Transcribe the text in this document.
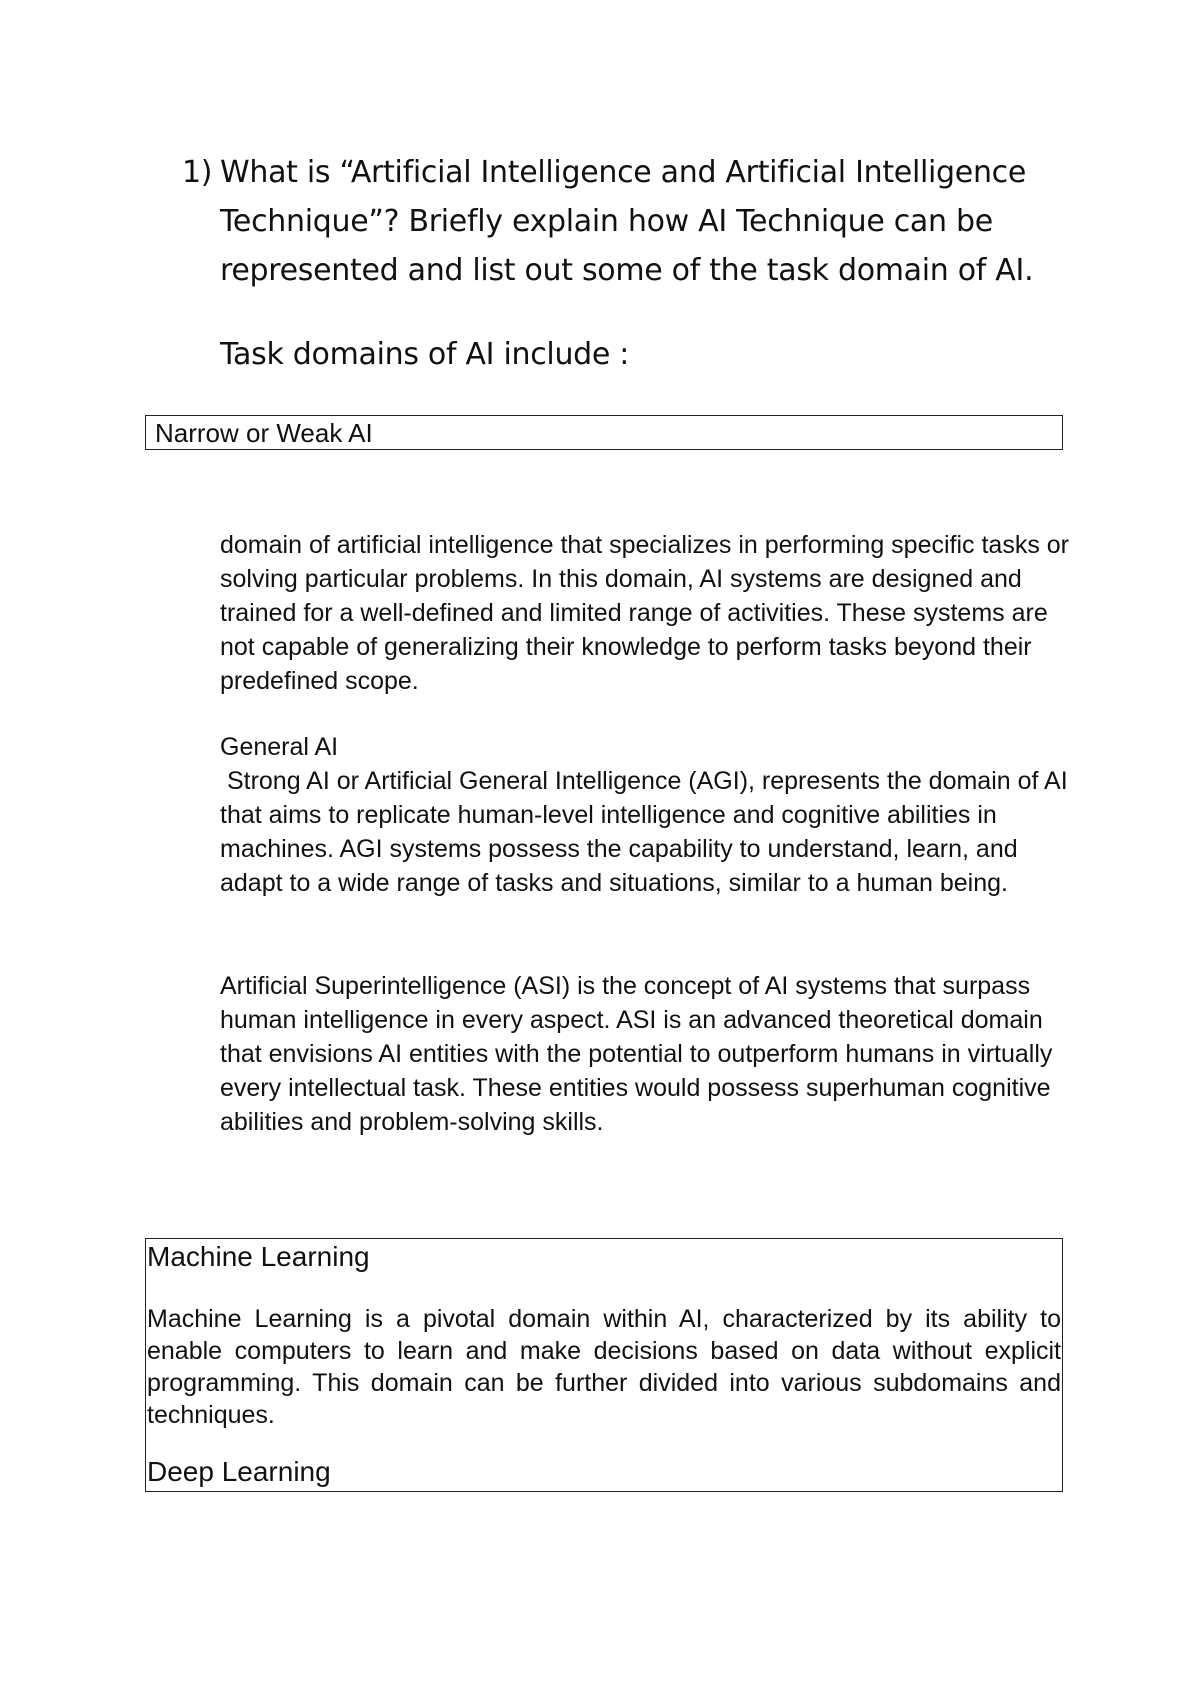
1) What is “Artificial Intelligence and Artificial Intelligence Technique”? Briefly explain how AI Technique can be represented and list out some of the task domain of AI.
Task domains of AI include :
Narrow or Weak AI

domain of artificial intelligence that specializes in performing specific tasks or solving particular problems. In this domain, AI systems are designed and trained for a well-defined and limited range of activities. These systems are not capable of generalizing their knowledge to perform tasks beyond their predefined scope.

General AI
Strong AI or Artificial General Intelligence (AGI), represents the domain of AI that aims to replicate human-level intelligence and cognitive abilities in machines. AGI systems possess the capability to understand, learn, and adapt to a wide range of tasks and situations, similar to a human being.

Artificial Superintelligence (ASI) is the concept of AI systems that surpass human intelligence in every aspect. ASI is an advanced theoretical domain that envisions AI entities with the potential to outperform humans in virtually every intellectual task. These entities would possess superhuman cognitive abilities and problem-solving skills.

Machine Learning

Machine Learning is a pivotal domain within AI, characterized by its ability to enable computers to learn and make decisions based on data without explicit programming. This domain can be further divided into various subdomains and techniques.

Deep Learning
